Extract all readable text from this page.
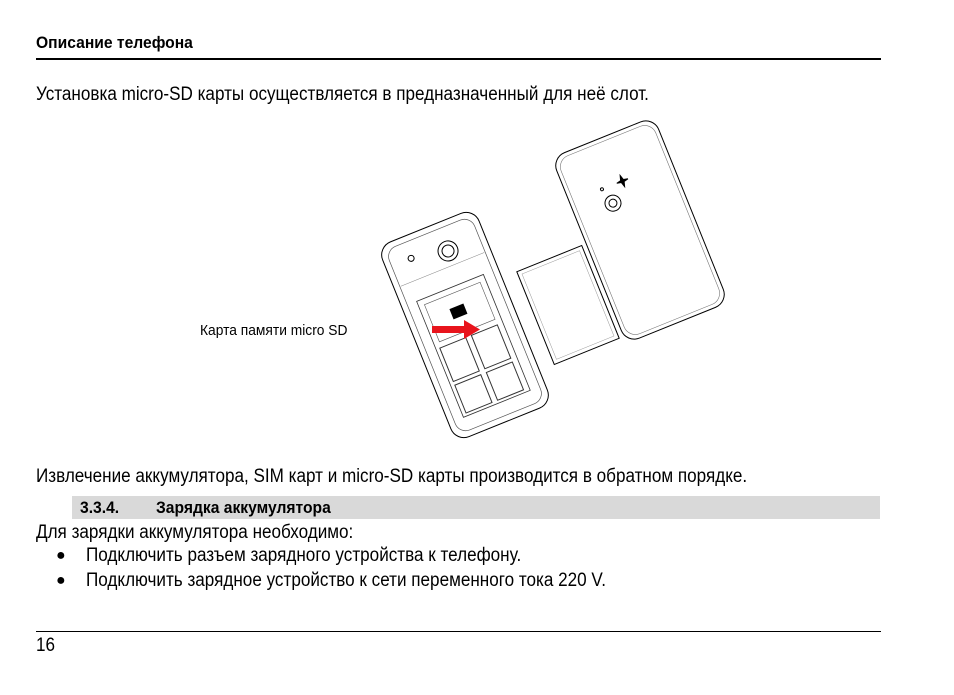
Описание телефона
Установка micro-SD карты осуществляется в предназначенный для неё слот.
Карта памяти micro SD
Извлечение аккумулятора, SIM карт и micro-SD карты производится в обратном порядке.
3.3.4. Зарядка аккумулятора
Для зарядки аккумулятора необходимо:
● Подключить разъем зарядного устройства к телефону.
● Подключить зарядное устройство к сети переменного тока 220 V.
16
